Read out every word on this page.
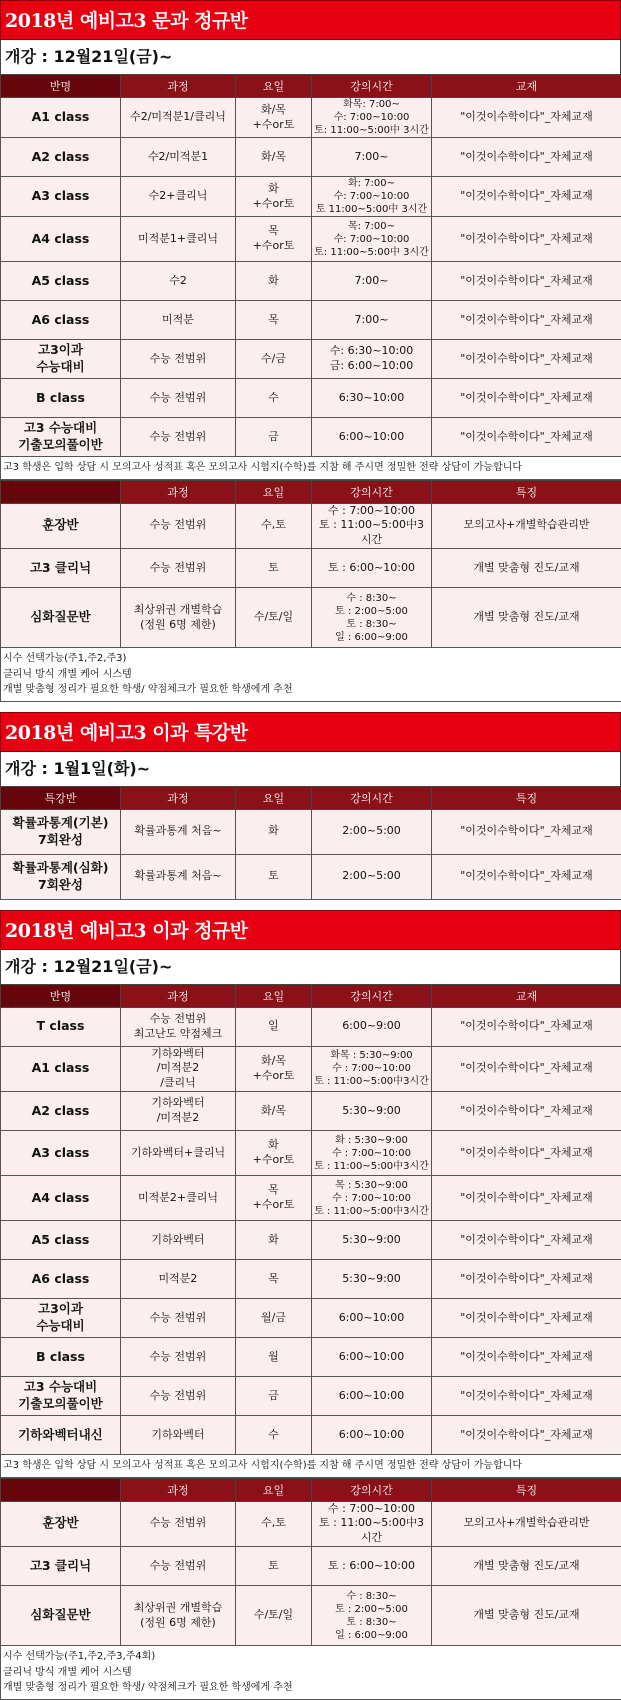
2018년 예비고3 문과 정규반
개강 : 12월21일(금)~
반명	과정	요일	강의시간	교재
A1 class	수2/미적분1/클리닉	화/목
+수or토	화목: 7:00~
수: 7:00~10:00
토: 11:00~5:00中 3시간	"이것이수학이다"_자체교재
A2 class	수2/미적분1	화/목	7:00~	"이것이수학이다"_자체교재
A3 class	수2+클리닉	화
+수or토	화: 7:00~
수: 7:00~10:00
토 11:00~5:00中 3시간	"이것이수학이다"_자체교재
A4 class	미적분1+클리닉	목
+수or토	목: 7:00~
수: 7:00~10:00
토: 11:00~5:00中 3시간	"이것이수학이다"_자체교재
A5 class	수2	화	7:00~	"이것이수학이다"_자체교재
A6 class	미적분	목	7:00~	"이것이수학이다"_자체교재
고3이과
수능대비	수능 전범위	수/금	수: 6:30~10:00
금: 6:00~10:00	"이것이수학이다"_자체교재
B class	수능 전범위	수	6:30~10:00	"이것이수학이다"_자체교재
고3 수능대비
기출모의풀이반	수능 전범위	금	6:00~10:00	"이것이수학이다"_자체교재
고3 학생은 입학 상담 시 모의고사 성적표 혹은 모의고사 시험지(수학)를 지참 해 주시면 정밀한 전략 상담이 가능합니다				
	과정	요일	강의시간	특징
훈장반	수능 전범위	수,토	수 : 7:00~10:00
토 : 11:00~5:00中3시간	모의고사+개별학습관리반
고3 클리닉	수능 전범위	토	토 : 6:00~10:00	개별 맞춤형 진도/교재
심화질문반	최상위권 개별학습
(정원 6명 제한)	수/토/일	수 : 8:30~
토 : 2:00~5:00
토 : 8:30~
일 : 6:00~9:00	개별 맞춤형 진도/교재
시수 선택가능(주1,주2,주3)
클리닉 방식 개별 케어 시스템
개별 맞춤형 정리가 필요한 학생/ 약점체크가 필요한 학생에게 추천				
2018년 예비고3 이과 특강반
개강 : 1월1일(화)~
특강반	과정	요일	강의시간	특징
확률과통계(기본)
7회완성	확률과통계 처음~	화	2:00~5:00	"이것이수학이다"_자체교재
확률과통계(심화)
7회완성	확률과통계 처음~	토	2:00~5:00	"이것이수학이다"_자체교재
2018년 예비고3 이과 정규반
개강 : 12월21일(금)~
반명	과정	요일	강의시간	교재
T class	수능 전범위
최고난도 약점체크	일	6:00~9:00	"이것이수학이다"_자체교재
A1 class	기하와벡터
/미적분2
/클리닉	화/목
+수or토	화목 : 5:30~9:00
수 : 7:00~10:00
토 : 11:00~5:00中3시간	"이것이수학이다"_자체교재
A2 class	기하와벡터
/미적분2	화/목	5:30~9:00	"이것이수학이다"_자체교재
A3 class	기하와벡터+클리닉	화
+수or토	화 : 5:30~9:00
수 : 7:00~10:00
토 : 11:00~5:00中3시간	"이것이수학이다"_자체교재
A4 class	미적분2+클리닉	목
+수or토	목 : 5:30~9:00
수 : 7:00~10:00
토 : 11:00~5:00中3시간	"이것이수학이다"_자체교재
A5 class	기하와벡터	화	5:30~9:00	"이것이수학이다"_자체교재
A6 class	미적분2	목	5:30~9:00	"이것이수학이다"_자체교재
고3이과
수능대비	수능 전범위	월/금	6:00~10:00	"이것이수학이다"_자체교재
B class	수능 전범위	월	6:00~10:00	"이것이수학이다"_자체교재
고3 수능대비
기출모의풀이반	수능 전범위	금	6:00~10:00	"이것이수학이다"_자체교재
기하와벡터내신	기하와벡터	수	6:00~10:00	"이것이수학이다"_자체교재
고3 학생은 입학 상담 시 모의고사 성적표 혹은 모의고사 시험지(수학)를 지참 해 주시면 정밀한 전략 상담이 가능합니다				
	과정	요일	강의시간	특징
훈장반	수능 전범위	수,토	수 : 7:00~10:00
토 : 11:00~5:00中3시간	모의고사+개별학습관리반
고3 클리닉	수능 전범위	토	토 : 6:00~10:00	개별 맞춤형 진도/교재
심화질문반	최상위권 개별학습
(정원 6명 제한)	수/토/일	수 : 8:30~
토 : 2:00~5:00
토 : 8:30~
일 : 6:00~9:00	개별 맞춤형 진도/교재
시수 선택가능(주1,주2,주3,주4회)
클리닉 방식 개별 케어 시스템
개별 맞춤형 정리가 필요한 학생/ 약점체크가 필요한 학생에게 추천				
